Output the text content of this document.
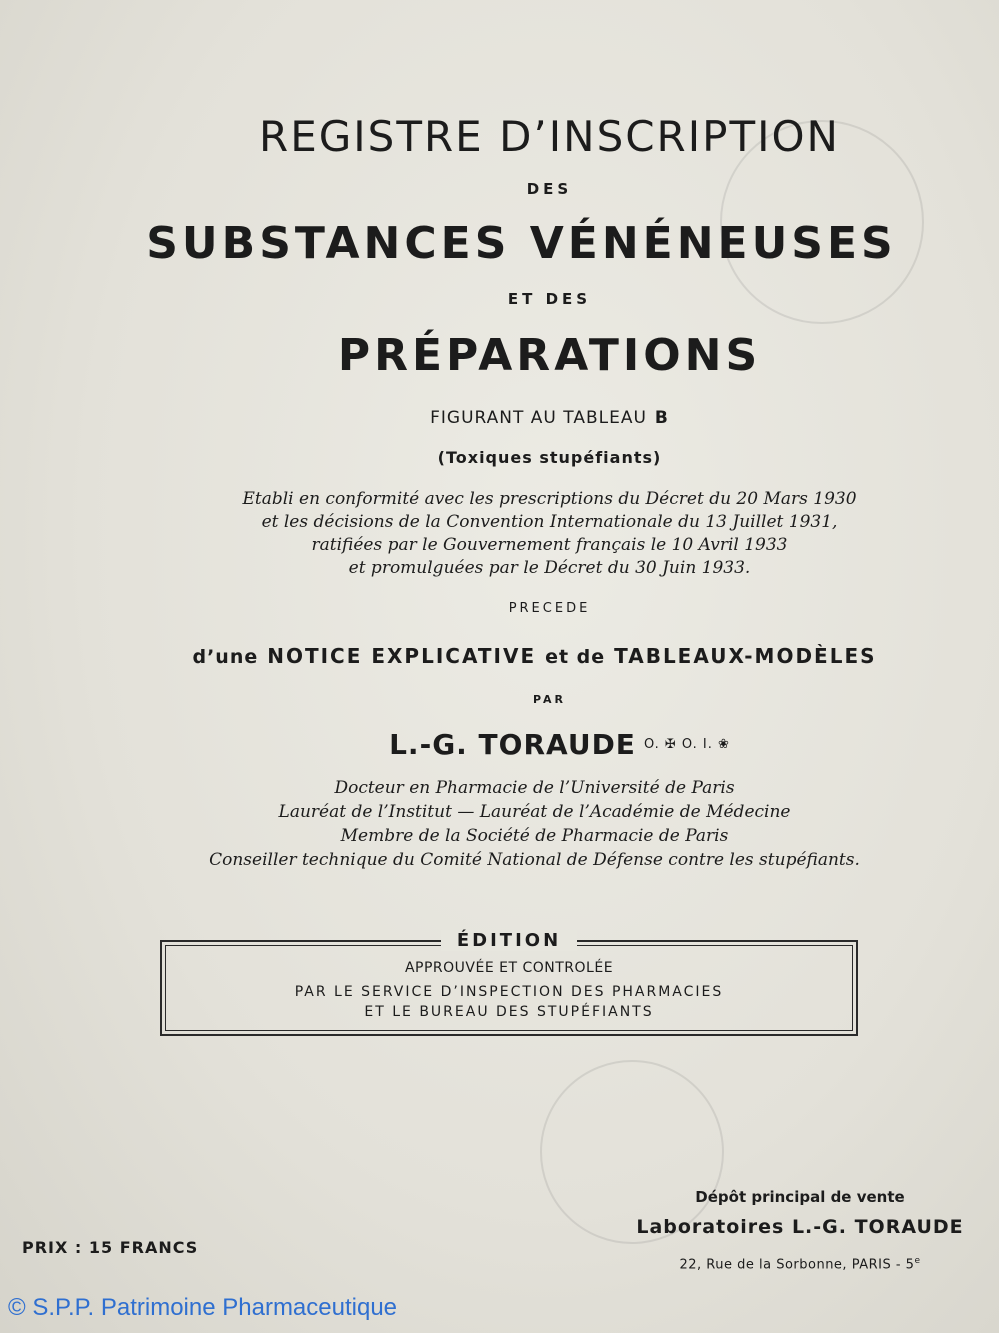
REGISTRE D’INSCRIPTION
DES
SUBSTANCES VÉNÉNEUSES
ET DES
PRÉPARATIONS
FIGURANT AU TABLEAU B
(Toxiques stupéfiants)
Etabli en conformité avec les prescriptions du Décret du 20 Mars 1930
et les décisions de la Convention Internationale du 13 Juillet 1931,
ratifiées par le Gouvernement français le 10 Avril 1933
et promulguées par le Décret du 30 Juin 1933.
PRECEDE
d’une NOTICE EXPLICATIVE et de TABLEAUX-MODÈLES
PAR
L.-G. TORAUDE $^{O. ✠ O. I. ❀}$
Docteur en Pharmacie de l’Université de Paris
Lauréat de l’Institut — Lauréat de l’Académie de Médecine
Membre de la Société de Pharmacie de Paris
Conseiller technique du Comité National de Défense contre les stupéfiants.
ÉDITION
APPROUVÉE ET CONTROLÉE
PAR LE SERVICE D’INSPECTION DES PHARMACIES
ET LE BUREAU DES STUPÉFIANTS
Dépôt principal de vente
Laboratoires L.-G. TORAUDE
22, Rue de la Sorbonne, PARIS - 5e
PRIX : 15 FRANCS
© S.P.P. Patrimoine Pharmaceutique
